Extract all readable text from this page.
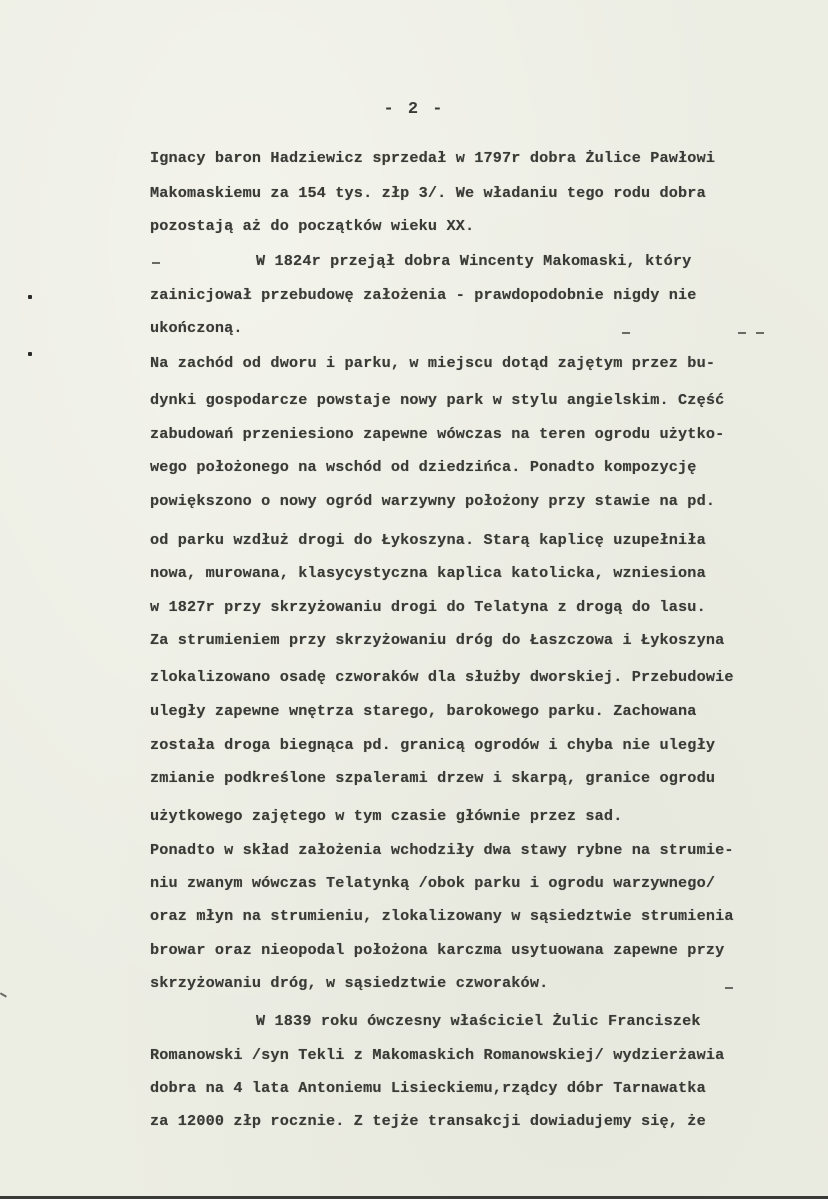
- 2 -
Ignacy baron Hadziewicz sprzedał w 1797r dobra Żulice Pawłowi
Makomaskiemu za 154 tys. złp 3/. We władaniu tego rodu dobra
pozostają aż do początków wieku XX.
W 1824r przejął dobra Wincenty Makomaski, który
zainicjował przebudowę założenia - prawdopodobnie nigdy nie
ukończoną.
Na zachód od dworu i parku, w miejscu dotąd zajętym przez bu-
dynki gospodarcze powstaje nowy park w stylu angielskim. Część
zabudowań przeniesiono zapewne wówczas na teren ogrodu użytko-
wego położonego na wschód od dziedzińca. Ponadto kompozycję
powiększono o nowy ogród warzywny położony przy stawie na pd.
od parku wzdłuż drogi do Łykoszyna. Starą kaplicę uzupełniła
nowa, murowana, klasycystyczna kaplica katolicka, wzniesiona
w 1827r przy skrzyżowaniu drogi do Telatyna z drogą do lasu.
Za strumieniem przy skrzyżowaniu dróg do Łaszczowa i Łykoszyna
zlokalizowano osadę czworaków dla służby dworskiej. Przebudowie
uległy zapewne wnętrza starego, barokowego parku. Zachowana
została droga biegnąca pd. granicą ogrodów i chyba nie uległy
zmianie podkreślone szpalerami drzew i skarpą, granice ogrodu
użytkowego zajętego w tym czasie głównie przez sad.
Ponadto w skład założenia wchodziły dwa stawy rybne na strumie-
niu zwanym wówczas Telatynką /obok parku i ogrodu warzywnego/
oraz młyn na strumieniu, zlokalizowany w sąsiedztwie strumienia
browar oraz nieopodal położona karczma usytuowana zapewne przy
skrzyżowaniu dróg, w sąsiedztwie czworaków.
W 1839 roku ówczesny właściciel Żulic Franciszek
Romanowski /syn Tekli z Makomaskich Romanowskiej/ wydzierżawia
dobra na 4 lata Antoniemu Lisieckiemu,rządcy dóbr Tarnawatka
za 12000 złp rocznie. Z tejże transakcji dowiadujemy się, że
